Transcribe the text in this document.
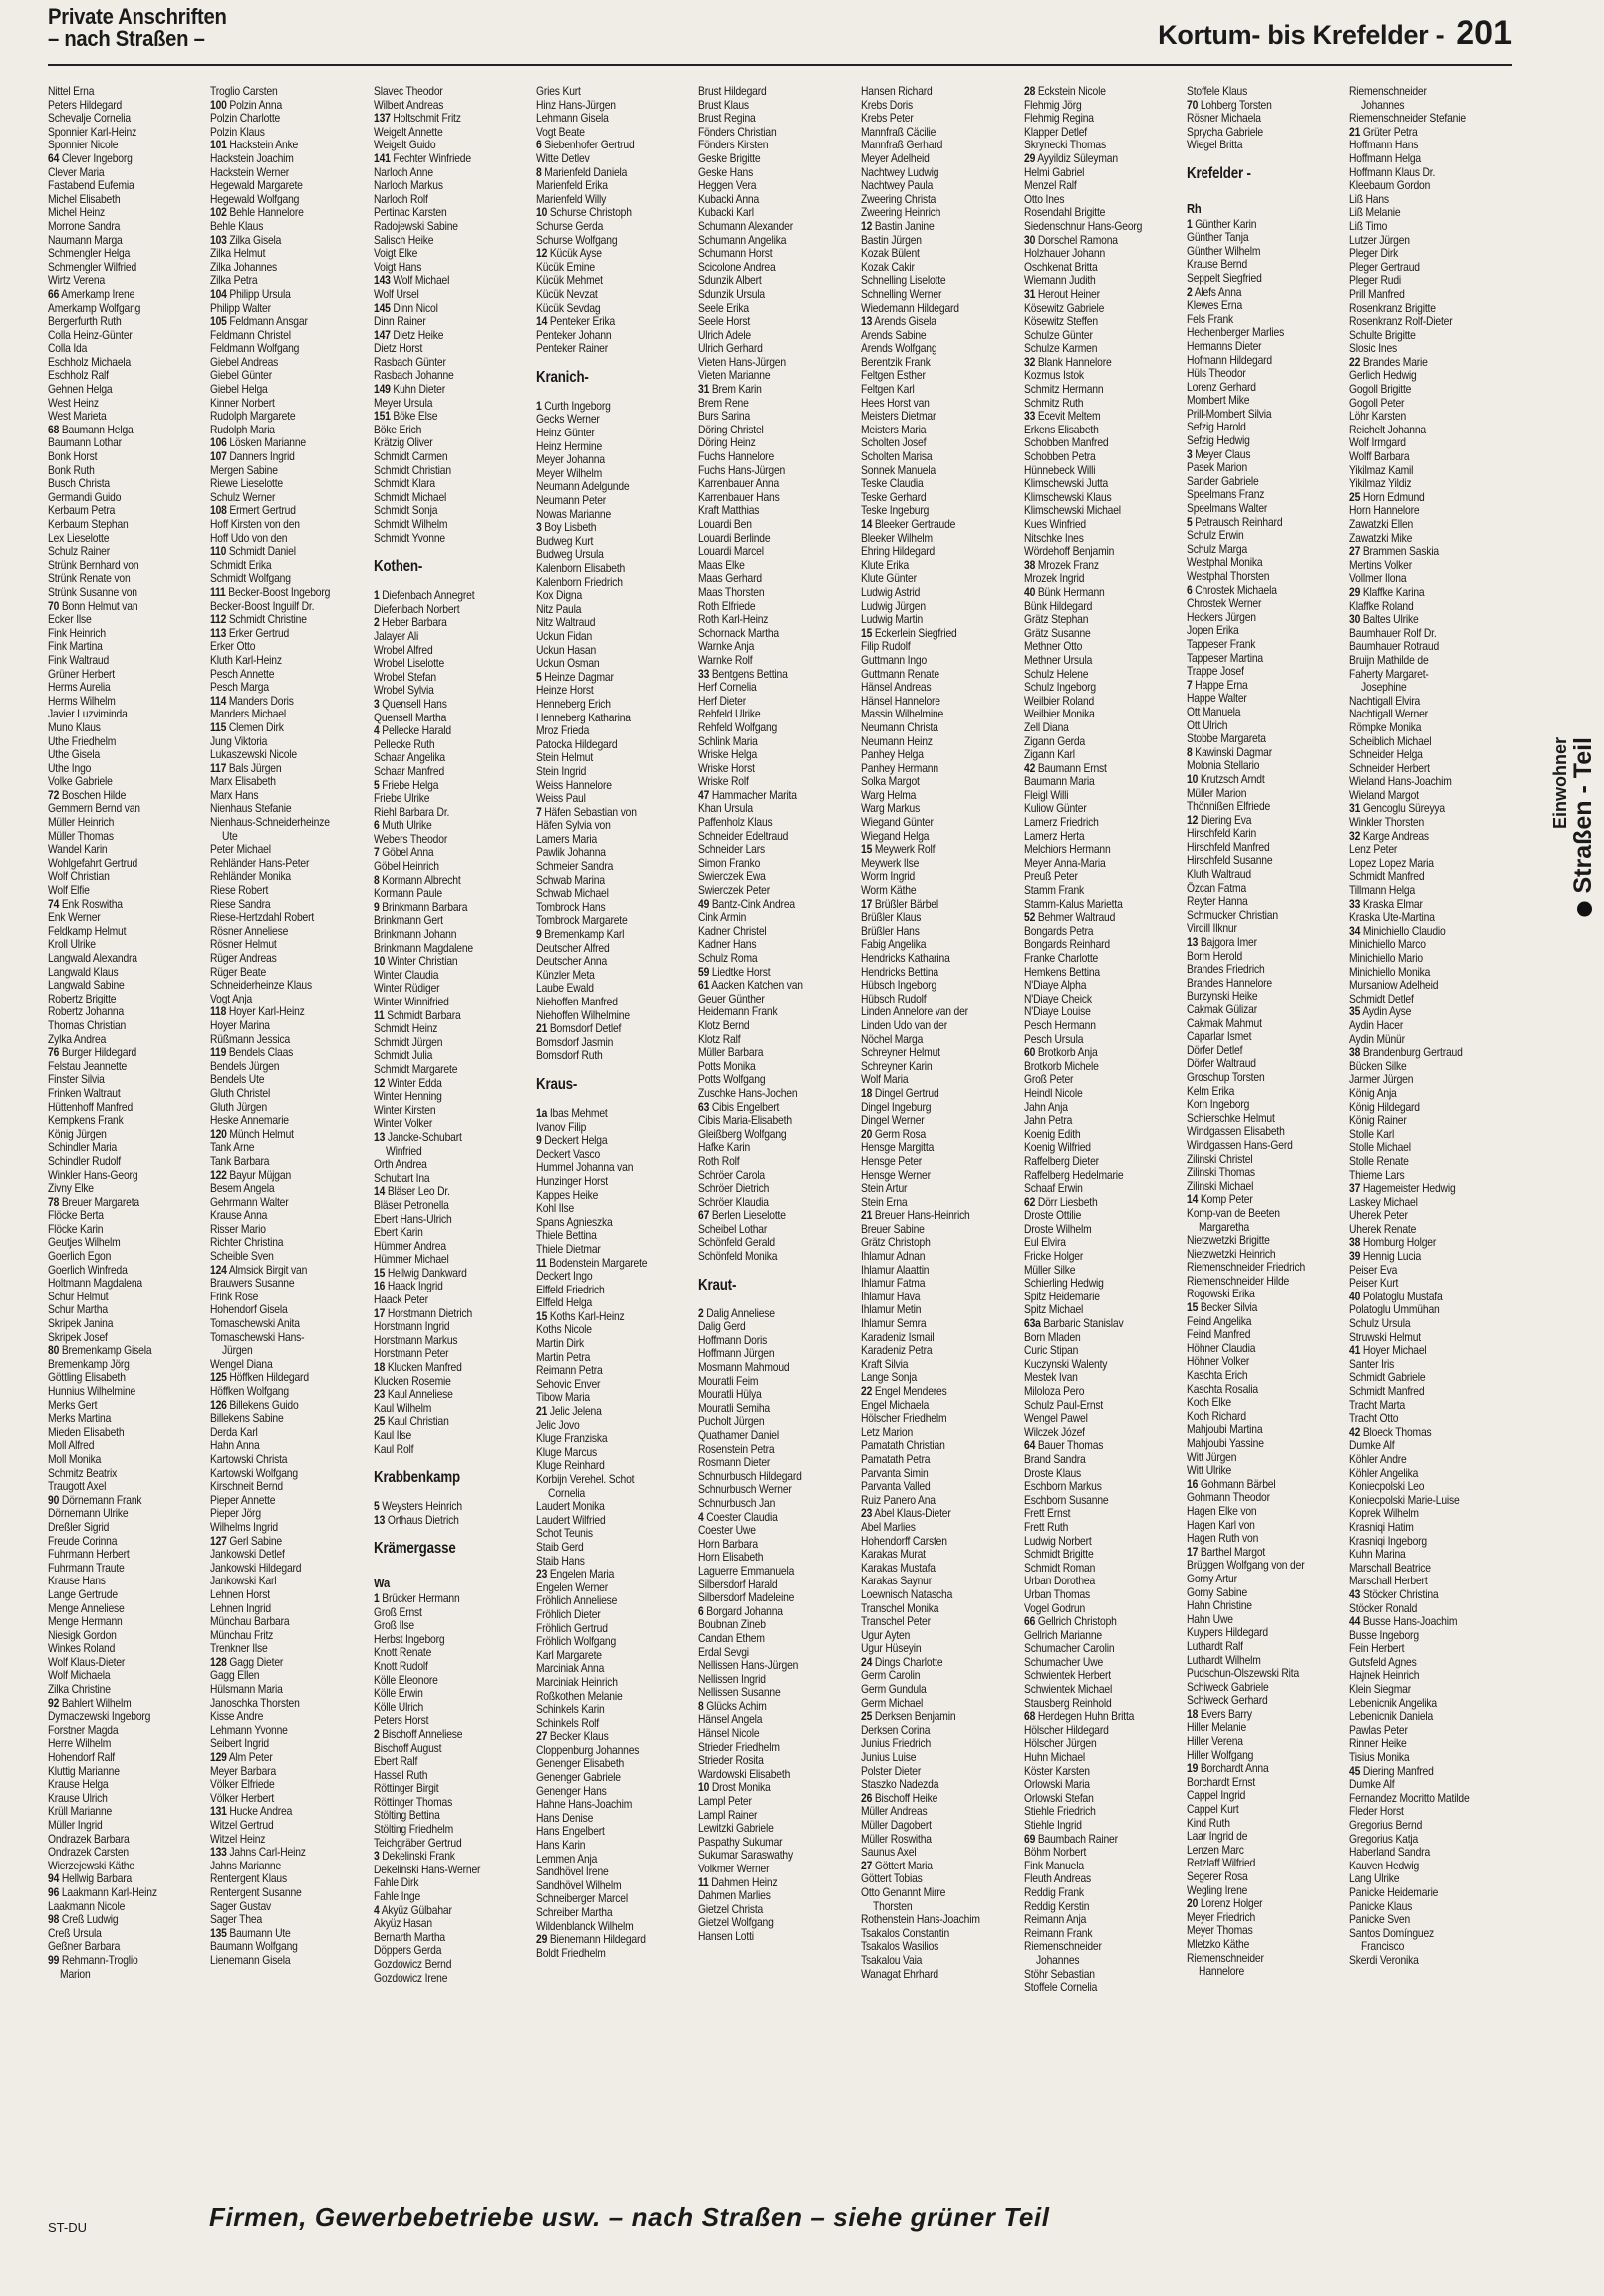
Private Anschriften
– nach Straßen –	Kortum- bis Krefelder - 201
Nittel Erna
Peters Hildegard
Schevalje Cornelia
Sponnier Karl-Heinz
Sponnier Nicole
64 Clever Ingeborg
Clever Maria
Fastabend Eufemia
Michel Elisabeth
Michel Heinz
Morrone Sandra
Naumann Marga
Schmengler Helga
Schmengler Wilfried
Wirtz Verena
66 Amerkamp Irene
Amerkamp Wolfgang
Bergerfurth Ruth
Colla Heinz-Günter
Colla Ida
Eschholz Michaela
Eschholz Ralf
Gehnen Helga
West Heinz
West Marieta
68 Baumann Helga
Baumann Lothar
Bonk Horst
Bonk Ruth
Busch Christa
Germandi Guido
Kerbaum Petra
Kerbaum Stephan
Lex Lieselotte
Schulz Rainer
Strünk Bernhard von
Strünk Renate von
Strünk Susanne von
70 Bonn Helmut van
Ecker Ilse
Fink Heinrich
Fink Martina
Fink Waltraud
Grüner Herbert
Herms Aurelia
Herms Wilhelm
Javier Luzviminda
Muno Klaus
Uthe Friedhelm
Uthe Gisela
Uthe Ingo
Volke Gabriele
72 Boschen Hilde
Gemmern Bernd van
Müller Heinrich
Müller Thomas
Wandel Karin
Wohlgefahrt Gertrud
Wolf Christian
Wolf Elfie
74 Enk Roswitha
Enk Werner
Feldkamp Helmut
Kroll Ulrike
Langwald Alexandra
Langwald Klaus
Langwald Sabine
Robertz Brigitte
Robertz Johanna
Thomas Christian
Zylka Andrea
76 Burger Hildegard
Felstau Jeannette
Finster Silvia
Frinken Waltraut
Hüttenhoff Manfred
Kempkens Frank
König Jürgen
Schindler Maria
Schindler Rudolf
Winkler Hans-Georg
Zivny Elke
78 Breuer Margareta
Flöcke Berta
Flöcke Karin
Geutjes Wilhelm
Goerlich Egon
Goerlich Winfreda
Holtmann Magdalena
Schur Helmut
Schur Martha
Skripek Janina
Skripek Josef
80 Bremenkamp Gisela
Bremenkamp Jörg
Göttling Elisabeth
Hunnius Wilhelmine
Merks Gert
Merks Martina
Mieden Elisabeth
Moll Alfred
Moll Monika
Schmitz Beatrix
Traugott Axel
90 Dörnemann Frank
Dörnemann Ulrike
Dreßler Sigrid
Freude Corinna
Fuhrmann Herbert
Fuhrmann Traute
Krause Hans
Lange Gertrude
Menge Anneliese
Menge Hermann
Niesigk Gordon
Winkes Roland
Wolf Klaus-Dieter
Wolf Michaela
Zilka Christine
92 Bahlert Wilhelm
Dymaczewski Ingeborg
Forstner Magda
Herre Wilhelm
Hohendorf Ralf
Kluttig Marianne
Krause Helga
Krause Ulrich
Krüll Marianne
Müller Ingrid
Ondrazek Barbara
Ondrazek Carsten
Wierzejewski Käthe
94 Hellwig Barbara
96 Laakmann Karl-Heinz
Laakmann Nicole
98 Creß Ludwig
Creß Ursula
Geßner Barbara
99 Rehmann-Troglio
Marion
Troglio Carsten
100 Polzin Anna
Polzin Charlotte
Polzin Klaus
101 Hackstein Anke
Hackstein Joachim
Hackstein Werner
Hegewald Margarete
Hegewald Wolfgang
102 Behle Hannelore
Behle Klaus
103 Zilka Gisela
Zilka Helmut
Zilka Johannes
Zilka Petra
104 Philipp Ursula
Philipp Walter
105 Feldmann Ansgar
Feldmann Christel
Feldmann Wolfgang
Giebel Andreas
Giebel Günter
Giebel Helga
Kinner Norbert
Rudolph Margarete
Rudolph Maria
106 Lösken Marianne
107 Danners Ingrid
Mergen Sabine
Riewe Lieselotte
Schulz Werner
108 Ermert Gertrud
Hoff Kirsten von den
Hoff Udo von den
110 Schmidt Daniel
Schmidt Erika
Schmidt Wolfgang
111 Becker-Boost Ingeborg
Becker-Boost Inguilf Dr.
112 Schmidt Christine
113 Erker Gertrud
Erker Otto
Kluth Karl-Heinz
Pesch Annette
Pesch Marga
114 Manders Doris
Manders Michael
115 Clemen Dirk
Jung Viktoria
Lukaszewski Nicole
117 Bals Jürgen
Marx Elisabeth
Marx Hans
Nienhaus Stefanie
Nienhaus-Schneiderheinze
Ute
Peter Michael
Rehländer Hans-Peter
Rehländer Monika
Riese Robert
Riese Sandra
Riese-Hertzdahl Robert
Rösner Anneliese
Rösner Helmut
Rüger Andreas
Rüger Beate
Schneiderheinze Klaus
Vogt Anja
118 Hoyer Karl-Heinz
Hoyer Marina
Rüßmann Jessica
119 Bendels Claas
Bendels Jürgen
Bendels Ute
Gluth Christel
Gluth Jürgen
Heske Annemarie
120 Münch Helmut
Tank Arne
Tank Barbara
122 Bayur Müjgan
Besem Angela
Gehrmann Walter
Krause Anna
Risser Mario
Richter Christina
Scheible Sven
124 Almsick Birgit van
Brauwers Susanne
Frink Rose
Hohendorf Gisela
Tomaschewski Anita
Tomaschewski Hans-
Jürgen
Wengel Diana
125 Höffken Hildegard
Höffken Wolfgang
126 Billekens Guido
Billekens Sabine
Derda Karl
Hahn Anna
Kartowski Christa
Kartowski Wolfgang
Kirschneit Bernd
Pieper Annette
Pieper Jörg
Wilhelms Ingrid
127 Gerl Sabine
Jankowski Detlef
Jankowski Hildegard
Jankowski Karl
Lehnen Horst
Lehnen Ingrid
Münchau Barbara
Münchau Fritz
Trenkner Ilse
128 Gagg Dieter
Gagg Ellen
Hülsmann Maria
Janoschka Thorsten
Kisse Andre
Lehmann Yvonne
Seibert Ingrid
129 Alm Peter
Meyer Barbara
Völker Elfriede
Völker Herbert
131 Hucke Andrea
Witzel Gertrud
Witzel Heinz
133 Jahns Carl-Heinz
Jahns Marianne
Rentergent Klaus
Rentergent Susanne
Sager Gustav
Sager Thea
135 Baumann Ute
Baumann Wolfgang
Lienemann Gisela
Slavec Theodor
Wilbert Andreas
137 Holtschmit Fritz
Weigelt Annette
Weigelt Guido
141 Fechter Winfriede
Narloch Anne
Narloch Markus
Narloch Rolf
Pertinac Karsten
Radojewski Sabine
Salisch Heike
Voigt Elke
Voigt Hans
143 Wolf Michael
Wolf Ursel
145 Dinn Nicol
Dinn Rainer
147 Dietz Heike
Dietz Horst
Rasbach Günter
Rasbach Johanne
149 Kuhn Dieter
Meyer Ursula
151 Böke Else
Böke Erich
Krätzig Oliver
Schmidt Carmen
Schmidt Christian
Schmidt Klara
Schmidt Michael
Schmidt Sonja
Schmidt Wilhelm
Schmidt Yvonne
Kothen-
1 Diefenbach Annegret
Diefenbach Norbert
2 Heber Barbara
Jalayer Ali
Wrobel Alfred
Wrobel Liselotte
Wrobel Stefan
Wrobel Sylvia
3 Quensell Hans
Quensell Martha
4 Pellecke Harald
Pellecke Ruth
Schaar Angelika
Schaar Manfred
5 Friebe Helga
Friebe Ulrike
Riehl Barbara Dr.
6 Muth Ulrike
Webers Theodor
7 Göbel Anna
Göbel Heinrich
8 Kormann Albrecht
Kormann Paule
9 Brinkmann Barbara
Brinkmann Gert
Brinkmann Johann
Brinkmann Magdalene
10 Winter Christian
Winter Claudia
Winter Rüdiger
Winter Winnifried
11 Schmidt Barbara
Schmidt Heinz
Schmidt Jürgen
Schmidt Julia
Schmidt Margarete
12 Winter Edda
Winter Henning
Winter Kirsten
Winter Volker
13 Jancke-Schubart
Winfried
Orth Andrea
Schubart Ina
14 Bläser Leo Dr.
Bläser Petronella
Ebert Hans-Ulrich
Ebert Karin
Hümmer Andrea
Hümmer Michael
15 Hellwig Dankward
16 Haack Ingrid
Haack Peter
17 Horstmann Dietrich
Horstmann Ingrid
Horstmann Markus
Horstmann Peter
18 Klucken Manfred
Klucken Rosemie
23 Kaul Anneliese
Kaul Wilhelm
25 Kaul Christian
Kaul Ilse
Kaul Rolf
Krabbenkamp
5 Weysters Heinrich
13 Orthaus Dietrich
Krämergasse
Wa
1 Brücker Hermann
Groß Ernst
Groß Ilse
Herbst Ingeborg
Knott Renate
Knott Rudolf
Kölle Eleonore
Kölle Erwin
Kölle Ulrich
Peters Horst
2 Bischoff Anneliese
Bischoff August
Ebert Ralf
Hassel Ruth
Röttinger Birgit
Röttinger Thomas
Stölting Bettina
Stölting Friedhelm
Teichgräber Gertrud
3 Dekelinski Frank
Dekelinski Hans-Werner
Fahle Dirk
Fahle Inge
4 Akyüz Gülbahar
Akyüz Hasan
Bernarth Martha
Döppers Gerda
Gozdowicz Bernd
Gozdowicz Irene
Gries Kurt
Hinz Hans-Jürgen
Lehmann Gisela
Vogt Beate
6 Siebenhofer Gertrud
Witte Detlev
8 Marienfeld Daniela
Marienfeld Erika
Marienfeld Willy
10 Schurse Christoph
Schurse Gerda
Schurse Wolfgang
12 Kücük Ayse
Kücük Emine
Kücük Mehmet
Kücük Nevzat
Kücük Sevdag
14 Penteker Erika
Penteker Johann
Penteker Rainer
Kranich-
1 Curth Ingeborg
Gecks Werner
Heinz Günter
Heinz Hermine
Meyer Johanna
Meyer Wilhelm
Neumann Adelgunde
Neumann Peter
Nowas Marianne
3 Boy Lisbeth
Budweg Kurt
Budweg Ursula
Kalenborn Elisabeth
Kalenborn Friedrich
Kox Digna
Nitz Paula
Nitz Waltraud
Uckun Fidan
Uckun Hasan
Uckun Osman
5 Heinze Dagmar
Heinze Horst
Henneberg Erich
Henneberg Katharina
Mroz Frieda
Patocka Hildegard
Stein Helmut
Stein Ingrid
Weiss Hannelore
Weiss Paul
7 Häfen Sebastian von
Häfen Sylvia von
Lamers Maria
Pawlik Johanna
Schmeier Sandra
Schwab Marina
Schwab Michael
Tombrock Hans
Tombrock Margarete
9 Bremenkamp Karl
Deutscher Alfred
Deutscher Anna
Künzler Meta
Laube Ewald
Niehoffen Manfred
Niehoffen Wilhelmine
21 Bomsdorf Detlef
Bomsdorf Jasmin
Bomsdorf Ruth
Kraus-
1a Ibas Mehmet
Ivanov Filip
9 Deckert Helga
Deckert Vasco
Hummel Johanna van
Hunzinger Horst
Kappes Heike
Kohl Ilse
Spans Agnieszka
Thiele Bettina
Thiele Dietmar
11 Bodenstein Margarete
Deckert Ingo
Elffeld Friedrich
Elffeld Helga
15 Koths Karl-Heinz
Koths Nicole
Martin Dirk
Martin Petra
Reimann Petra
Sehovic Enver
Tibow Maria
21 Jelic Jelena
Jelic Jovo
Kluge Franziska
Kluge Marcus
Kluge Reinhard
Korbijn Verehel. Schot
Cornelia
Laudert Monika
Laudert Wilfried
Schot Teunis
Staib Gerd
Staib Hans
23 Engelen Maria
Engelen Werner
Fröhlich Anneliese
Fröhlich Dieter
Fröhlich Gertrud
Fröhlich Wolfgang
Karl Margarete
Marciniak Anna
Marciniak Heinrich
Roßkothen Melanie
Schinkels Karin
Schinkels Rolf
27 Becker Klaus
Cloppenburg Johannes
Genenger Elisabeth
Genenger Gabriele
Genenger Hans
Hahne Hans-Joachim
Hans Denise
Hans Engelbert
Hans Karin
Lemmen Anja
Sandhövel Irene
Sandhövel Wilhelm
Schneiberger Marcel
Schreiber Martha
Wildenblanck Wilhelm
29 Bienemann Hildegard
Boldt Friedhelm
Brust Hildegard
Brust Klaus
Brust Regina
Fönders Christian
Fönders Kirsten
Geske Brigitte
Geske Hans
Heggen Vera
Kubacki Anna
Kubacki Karl
Schumann Alexander
Schumann Angelika
Schumann Horst
Scicolone Andrea
Sdunzik Albert
Sdunzik Ursula
Seele Erika
Seele Horst
Ulrich Adele
Ulrich Gerhard
Vieten Hans-Jürgen
Vieten Marianne
31 Brem Karin
Brem Rene
Burs Sarina
Döring Christel
Döring Heinz
Fuchs Hannelore
Fuchs Hans-Jürgen
Karrenbauer Anna
Karrenbauer Hans
Kraft Matthias
Louardi Ben
Louardi Berlinde
Louardi Marcel
Maas Elke
Maas Gerhard
Maas Thorsten
Roth Elfriede
Roth Karl-Heinz
Schornack Martha
Warnke Anja
Warnke Rolf
33 Bentgens Bettina
Herf Cornelia
Herf Dieter
Rehfeld Ulrike
Rehfeld Wolfgang
Schlink Maria
Wriske Helga
Wriske Horst
Wriske Rolf
47 Hammacher Marita
Khan Ursula
Paffenholz Klaus
Schneider Edeltraud
Schneider Lars
Simon Franko
Swierczek Ewa
Swierczek Peter
49 Bantz-Cink Andrea
Cink Armin
Kadner Christel
Kadner Hans
Schulz Roma
59 Liedtke Horst
61 Aacken Katchen van
Geuer Günther
Heidemann Frank
Klotz Bernd
Klotz Ralf
Müller Barbara
Potts Monika
Potts Wolfgang
Zuschke Hans-Jochen
63 Cibis Engelbert
Cibis Maria-Elisabeth
Gleißberg Wolfgang
Hafke Karin
Roth Rolf
Schröer Carola
Schröer Dietrich
Schröer Klaudia
67 Berlen Lieselotte
Scheibel Lothar
Schönfeld Gerald
Schönfeld Monika
Kraut-
2 Dalig Anneliese
Dalig Gerd
Hoffmann Doris
Hoffmann Jürgen
Mosmann Mahmoud
Mouratli Feim
Mouratli Hülya
Mouratli Semiha
Pucholt Jürgen
Quathamer Daniel
Rosenstein Petra
Rosmann Dieter
Schnurbusch Hildegard
Schnurbusch Werner
Schnurbusch Jan
4 Coester Claudia
Coester Uwe
Horn Barbara
Horn Elisabeth
Laguerre Emmanuela
Silbersdorf Harald
Silbersdorf Madeleine
6 Borgard Johanna
Boubnan Zineb
Candan Ethem
Erdal Sevgi
Nellissen Hans-Jürgen
Nellissen Ingrid
Nellissen Susanne
8 Glücks Achim
Hänsel Angela
Hänsel Nicole
Strieder Friedhelm
Strieder Rosita
Wardowski Elisabeth
10 Drost Monika
Lampl Peter
Lampl Rainer
Lewitzki Gabriele
Paspathy Sukumar
Sukumar Saraswathy
Volkmer Werner
11 Dahmen Heinz
Dahmen Marlies
Gietzel Christa
Gietzel Wolfgang
Hansen Lotti
Hansen Richard
Krebs Doris
Krebs Peter
Mannfraß Cäcilie
Mannfraß Gerhard
Meyer Adelheid
Nachtwey Ludwig
Nachtwey Paula
Zweering Christa
Zweering Heinrich
12 Bastin Janine
Bastin Jürgen
Kozak Bülent
Kozak Cakir
Schnelling Liselotte
Schnelling Werner
Wiedemann Hildegard
13 Arends Gisela
Arends Sabine
Arends Wolfgang
Berentzik Frank
Feltgen Esther
Feltgen Karl
Hees Horst van
Meisters Dietmar
Meisters Maria
Scholten Josef
Scholten Marisa
Sonnek Manuela
Teske Claudia
Teske Gerhard
Teske Ingeburg
14 Bleeker Gertraude
Bleeker Wilhelm
Ehring Hildegard
Klute Erika
Klute Günter
Ludwig Astrid
Ludwig Jürgen
Ludwig Martin
15 Eckerlein Siegfried
Filip Rudolf
Guttmann Ingo
Guttmann Renate
Hänsel Andreas
Hänsel Hannelore
Massin Wilhelmine
Neumann Christa
Neumann Heinz
Panhey Helga
Panhey Hermann
Solka Margot
Warg Helma
Warg Markus
Wiegand Günter
Wiegand Helga
15 Meywerk Rolf
Meywerk Ilse
Worm Ingrid
Worm Käthe
17 Brüßler Bärbel
Brüßler Klaus
Brüßler Hans
Fabig Angelika
Hendricks Katharina
Hendricks Bettina
Hübsch Ingeborg
Hübsch Rudolf
Linden Annelore van der
Linden Udo van der
Nöchel Marga
Schreyner Helmut
Schreyner Karin
Wolf Maria
18 Dingel Gertrud
Dingel Ingeburg
Dingel Werner
20 Germ Rosa
Hensge Margitta
Hensge Peter
Hensge Werner
Stein Artur
Stein Erna
21 Breuer Hans-Heinrich
Breuer Sabine
Grätz Christoph
Ihlamur Adnan
Ihlamur Alaattin
Ihlamur Fatma
Ihlamur Hava
Ihlamur Metin
Ihlamur Semra
Karadeniz Ismail
Karadeniz Petra
Kraft Silvia
Lange Sonja
22 Engel Menderes
Engel Michaela
Hölscher Friedhelm
Letz Marion
Pamatath Christian
Pamatath Petra
Parvanta Simin
Parvanta Valled
Ruiz Panero Ana
23 Abel Klaus-Dieter
Abel Marlies
Hohendorff Carsten
Karakas Murat
Karakas Mustafa
Karakas Saynur
Loewnisch Natascha
Transchel Monika
Transchel Peter
Ugur Ayten
Ugur Hüseyin
24 Dings Charlotte
Germ Carolin
Germ Gundula
Germ Michael
25 Derksen Benjamin
Derksen Corina
Junius Friedrich
Junius Luise
Polster Dieter
Staszko Nadezda
26 Bischoff Heike
Müller Andreas
Müller Dagobert
Müller Roswitha
Saunus Axel
27 Göttert Maria
Göttert Tobias
Otto Genannt Mirre
Thorsten
Rothenstein Hans-Joachim
Tsakalos Constantin
Tsakalos Wasilios
Tsakalou Vaia
Wanagat Ehrhard
28 Eckstein Nicole
Flehmig Jörg
Flehmig Regina
Klapper Detlef
Skrynecki Thomas
29 Ayyildiz Süleyman
Helmi Gabriel
Menzel Ralf
Otto Ines
Rosendahl Brigitte
Siedenschnur Hans-Georg
30 Dorschel Ramona
Holzhauer Johann
Oschkenat Britta
Wiemann Judith
31 Herout Heiner
Kösewitz Gabriele
Kösewitz Steffen
Schulze Günter
Schulze Karmen
32 Blank Hannelore
Kozmus Istok
Schmitz Hermann
Schmitz Ruth
33 Ecevit Meltem
Erkens Elisabeth
Schobben Manfred
Schobben Petra
Hünnebeck Willi
Klimschewski Jutta
Klimschewski Klaus
Klimschewski Michael
Kues Winfried
Nitschke Ines
Wördehoff Benjamin
38 Mrozek Franz
Mrozek Ingrid
40 Bünk Hermann
Bünk Hildegard
Grätz Stephan
Grätz Susanne
Methner Otto
Methner Ursula
Schulz Helene
Schulz Ingeborg
Weilbier Roland
Weilbier Monika
Zell Diana
Zigann Gerda
Zigann Karl
42 Baumann Ernst
Baumann Maria
Fleigl Willi
Kuliow Günter
Lamerz Friedrich
Lamerz Herta
Melchiors Hermann
Meyer Anna-Maria
Preuß Peter
Stamm Frank
Stamm-Kalus Marietta
52 Behmer Waltraud
Bongards Petra
Bongards Reinhard
Franke Charlotte
Hemkens Bettina
N'Diaye Alpha
N'Diaye Cheick
N'Diaye Louise
Pesch Hermann
Pesch Ursula
60 Brotkorb Anja
Brotkorb Michele
Groß Peter
Heindl Nicole
Jahn Anja
Jahn Petra
Koenig Edith
Koenig Wilfried
Raffelberg Dieter
Raffelberg Hedelmarie
Schaaf Erwin
62 Dörr Liesbeth
Droste Ottilie
Droste Wilhelm
Eul Elvira
Fricke Holger
Müller Silke
Schierling Hedwig
Spitz Heidemarie
Spitz Michael
63a Barbaric Stanislav
Born Mladen
Curic Stipan
Kuczynski Walenty
Mestek Ivan
Miloloza Pero
Schulz Paul-Ernst
Wengel Pawel
Wilczek Józef
64 Bauer Thomas
Brand Sandra
Droste Klaus
Eschborn Markus
Eschborn Susanne
Frett Ernst
Frett Ruth
Ludwig Norbert
Schmidt Brigitte
Schmidt Roman
Urban Dorothea
Urban Thomas
Vogel Godrun
66 Gellrich Christoph
Gellrich Marianne
Schumacher Carolin
Schumacher Uwe
Schwientek Herbert
Schwientek Michael
Stausberg Reinhold
68 Herdegen Huhn Britta
Hölscher Hildegard
Hölscher Jürgen
Huhn Michael
Köster Karsten
Orlowski Maria
Orlowski Stefan
Stiehle Friedrich
Stiehle Ingrid
69 Baumbach Rainer
Böhm Norbert
Fink Manuela
Fleuth Andreas
Reddig Frank
Reddig Kerstin
Reimann Anja
Reimann Frank
Riemenschneider
Johannes
Stöhr Sebastian
Stoffele Cornelia
Stoffele Klaus
70 Lohberg Torsten
Rösner Michaela
Sprycha Gabriele
Wiegel Britta
Krefelder -
Rh
1 Günther Karin
Günther Tanja
Günther Wilhelm
Krause Bernd
Seppelt Siegfried
2 Alefs Anna
Klewes Erna
Fels Frank
Hechenberger Marlies
Hermanns Dieter
Hofmann Hildegard
Hüls Theodor
Lorenz Gerhard
Mombert Mike
Prill-Mombert Silvia
Sefzig Harold
Sefzig Hedwig
3 Meyer Claus
Pasek Marion
Sander Gabriele
Speelmans Franz
Speelmans Walter
5 Petrausch Reinhard
Schulz Erwin
Schulz Marga
Westphal Monika
Westphal Thorsten
6 Chrostek Michaela
Chrostek Werner
Heckers Jürgen
Jopen Erika
Tappeser Frank
Tappeser Martina
Trappe Josef
7 Happe Erna
Happe Walter
Ott Manuela
Ott Ulrich
Stobbe Margareta
8 Kawinski Dagmar
Molonia Stellario
10 Krutzsch Arndt
Müller Marion
Thönnißen Elfriede
12 Diering Eva
Hirschfeld Karin
Hirschfeld Manfred
Hirschfeld Susanne
Kluth Waltraud
Özcan Fatma
Reyter Hanna
Schmucker Christian
Virdill Ilknur
13 Bajgora Imer
Borm Herold
Brandes Friedrich
Brandes Hannelore
Burzynski Heike
Cakmak Gülizar
Cakmak Mahmut
Caparlar Ismet
Dörfer Detlef
Dörfer Waltraud
Groschup Torsten
Kelm Erika
Korn Ingeborg
Schierschke Helmut
Windgassen Elisabeth
Windgassen Hans-Gerd
Zilinski Christel
Zilinski Thomas
Zilinski Michael
14 Komp Peter
Komp-van de Beeten
Margaretha
Nietzwetzki Brigitte
Nietzwetzki Heinrich
Riemenschneider Friedrich
Riemenschneider Hilde
Rogowski Erika
15 Becker Silvia
Feind Angelika
Feind Manfred
Höhner Claudia
Höhner Volker
Kaschta Erich
Kaschta Rosalia
Koch Elke
Koch Richard
Mahjoubi Martina
Mahjoubi Yassine
Witt Jürgen
Witt Ulrike
16 Gohmann Bärbel
Gohmann Theodor
Hagen Elke von
Hagen Karl von
Hagen Ruth von
17 Barthel Margot
Brüggen Wolfgang von der
Gorny Artur
Gorny Sabine
Hahn Christine
Hahn Uwe
Kuypers Hildegard
Luthardt Ralf
Luthardt Wilhelm
Pudschun-Olszewski Rita
Schiweck Gabriele
Schiweck Gerhard
18 Evers Barry
Hiller Melanie
Hiller Verena
Hiller Wolfgang
19 Borchardt Anna
Borchardt Ernst
Cappel Ingrid
Cappel Kurt
Kind Ruth
Laar Ingrid de
Lenzen Marc
Retzlaff Wilfried
Segerer Rosa
Wegling Irene
20 Lorenz Holger
Meyer Friedrich
Meyer Thomas
Mletzko Käthe
Riemenschneider
Hannelore
Riemenschneider
Johannes
Riemenschneider Stefanie
21 Grüter Petra
Hoffmann Hans
Hoffmann Helga
Hoffmann Klaus Dr.
Kleebaum Gordon
Liß Hans
Liß Melanie
Liß Timo
Lutzer Jürgen
Pleger Dirk
Pleger Gertraud
Pleger Rudi
Prill Manfred
Rosenkranz Brigitte
Rosenkranz Rolf-Dieter
Schulte Brigitte
Slosic Ines
22 Brandes Marie
Gerlich Hedwig
Gogoll Brigitte
Gogoll Peter
Löhr Karsten
Reichelt Johanna
Wolf Irmgard
Wolff Barbara
Yikilmaz Kamil
Yikilmaz Yildiz
25 Horn Edmund
Horn Hannelore
Zawatzki Ellen
Zawatzki Mike
27 Brammen Saskia
Mertins Volker
Vollmer Ilona
29 Klaffke Karina
Klaffke Roland
30 Baltes Ulrike
Baumhauer Rolf Dr.
Baumhauer Rotraud
Bruijn Mathilde de
Faherty Margaret-
Josephine
Nachtigall Elvira
Nachtigall Werner
Römpke Monika
Scheiblich Michael
Schneider Helga
Schneider Herbert
Wieland Hans-Joachim
Wieland Margot
31 Gencoglu Süreyya
Winkler Thorsten
32 Karge Andreas
Lenz Peter
Lopez Lopez Maria
Schmidt Manfred
Tillmann Helga
33 Kraska Elmar
Kraska Ute-Martina
34 Minichiello Claudio
Minichiello Marco
Minichiello Mario
Minichiello Monika
Mursaniow Adelheid
Schmidt Detlef
35 Aydin Ayse
Aydin Hacer
Aydin Münür
38 Brandenburg Gertraud
Bücken Silke
Jarmer Jürgen
König Anja
König Hildegard
König Rainer
Stolle Karl
Stolle Michael
Stolle Renate
Thieme Lars
37 Hagemeister Hedwig
Laskey Michael
Uherek Peter
Uherek Renate
38 Homburg Holger
39 Hennig Lucia
Peiser Eva
Peiser Kurt
40 Polatoglu Mustafa
Polatoglu Ummühan
Schulz Ursula
Struwski Helmut
41 Hoyer Michael
Santer Iris
Schmidt Gabriele
Schmidt Manfred
Tracht Marta
Tracht Otto
42 Bloeck Thomas
Dumke Alf
Köhler Andre
Köhler Angelika
Koniecpolski Leo
Koniecpolski Marie-Luise
Koprek Wilhelm
Krasniqi Hatim
Krasniqi Ingeborg
Kuhn Marina
Marschall Beatrice
Marschall Herbert
43 Stöcker Christina
Stöcker Ronald
44 Busse Hans-Joachim
Busse Ingeborg
Fein Herbert
Gutsfeld Agnes
Hajnek Heinrich
Klein Siegmar
Lebenicnik Angelika
Lebenicnik Daniela
Pawlas Peter
Rinner Heike
Tisius Monika
45 Diering Manfred
Dumke Alf
Fernandez Mocritto Matilde
Fleder Horst
Gregorius Bernd
Gregorius Katja
Haberland Sandra
Kauven Hedwig
Lang Ulrike
Panicke Heidemarie
Panicke Klaus
Panicke Sven
Santos Domínguez
Francisco
Skerdi Veronika
Einwohner Straßen - Teil
ST-DU	Firmen, Gewerbebetriebe usw. – nach Straßen – siehe grüner Teil
